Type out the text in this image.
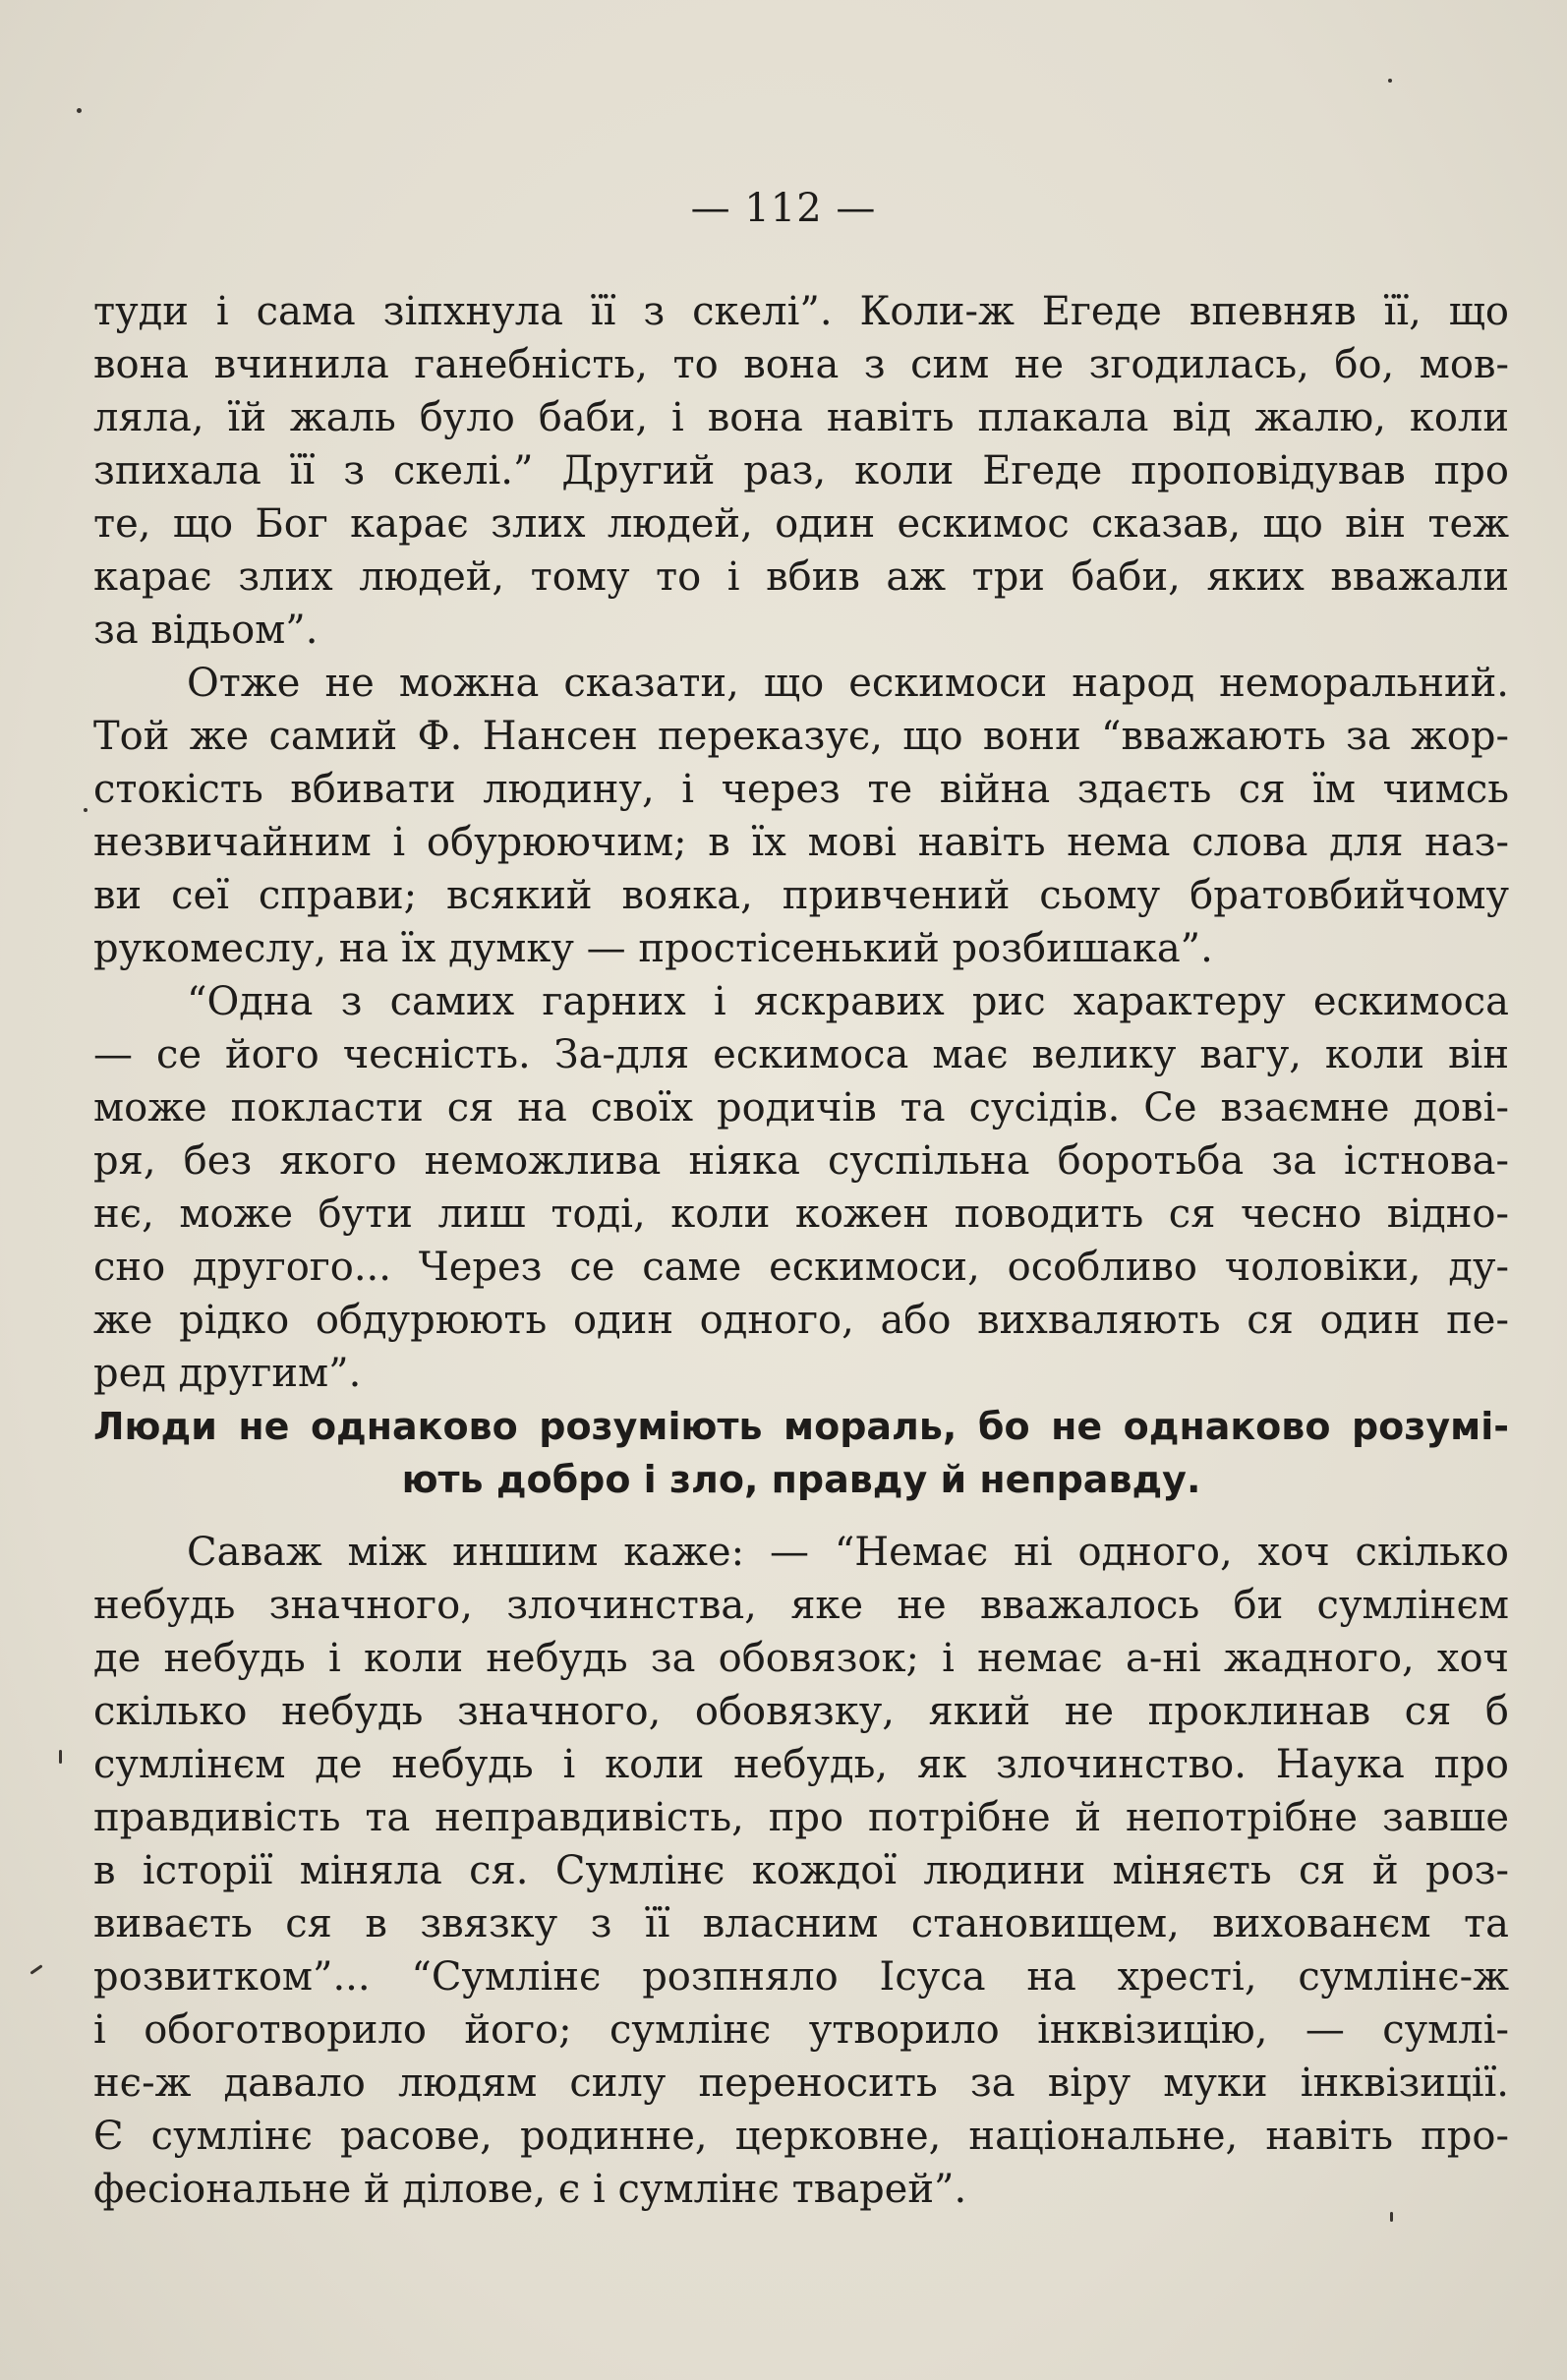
— 112 —
туди і сама зіпхнула її з скелі”. Коли-ж Егеде впевняв її, що
вона вчинила ганебність, то вона з сим не згодилась, бо, мов-
ляла, їй жаль було баби, і вона навіть плакала від жалю, коли
зпихала її з скелі.” Другий раз, коли Егеде проповідував про
те, що Бог карає злих людей, один ескимос сказав, що він теж
карає злих людей, тому то і вбив аж три баби, яких вважали
за відьом”.
Отже не можна сказати, що ескимоси народ неморальний.
Той же самий Ф. Нансен переказує, що вони “вважають за жор-
стокість вбивати людину, і через те війна здаєть ся їм чимсь
незвичайним і обурюючим; в їх мові навіть нема слова для наз-
ви сеї справи; всякий вояка, привчений сьому братовбийчому
рукомеслу, на їх думку — простісенький розбишака”.
“Одна з самих гарних і яскравих рис характеру ескимоса
— се його чесність. За-для ескимоса має велику вагу, коли він
може покласти ся на своїх родичів та сусідів. Се взаємне дові-
ря, без якого неможлива ніяка суспільна боротьба за істнова-
нє, може бути лиш тоді, коли кожен поводить ся чесно відно-
сно другого... Через се саме ескимоси, особливо чоловіки, ду-
же рідко обдурюють один одного, або вихваляють ся один пе-
ред другим”.
Люди не однаково розуміють мораль, бо не однаково розумі-
ють добро і зло, правду й неправду.
Саваж між иншим каже: — “Немає ні одного, хоч скілько
небудь значного, злочинства, яке не вважалось би сумлінєм
де небудь і коли небудь за обовязок; і немає а-ні жадного, хоч
скілько небудь значного, обовязку, який не проклинав ся б
сумлінєм де небудь і коли небудь, як злочинство. Наука про
правдивість та неправдивість, про потрібне й непотрібне завше
в історії міняла ся. Сумлінє кождої людини міняєть ся й роз-
виваєть ся в звязку з її власним становищем, вихованєм та
розвитком”... “Сумлінє розпняло Ісуса на хресті, сумлінє-ж
і обоготворило його; сумлінє утворило інквізицію, — сумлі-
нє-ж давало людям силу переносить за віру муки інквізиції.
Є сумлінє расове, родинне, церковне, національне, навіть про-
фесіональне й ділове, є і сумлінє тварей”.
